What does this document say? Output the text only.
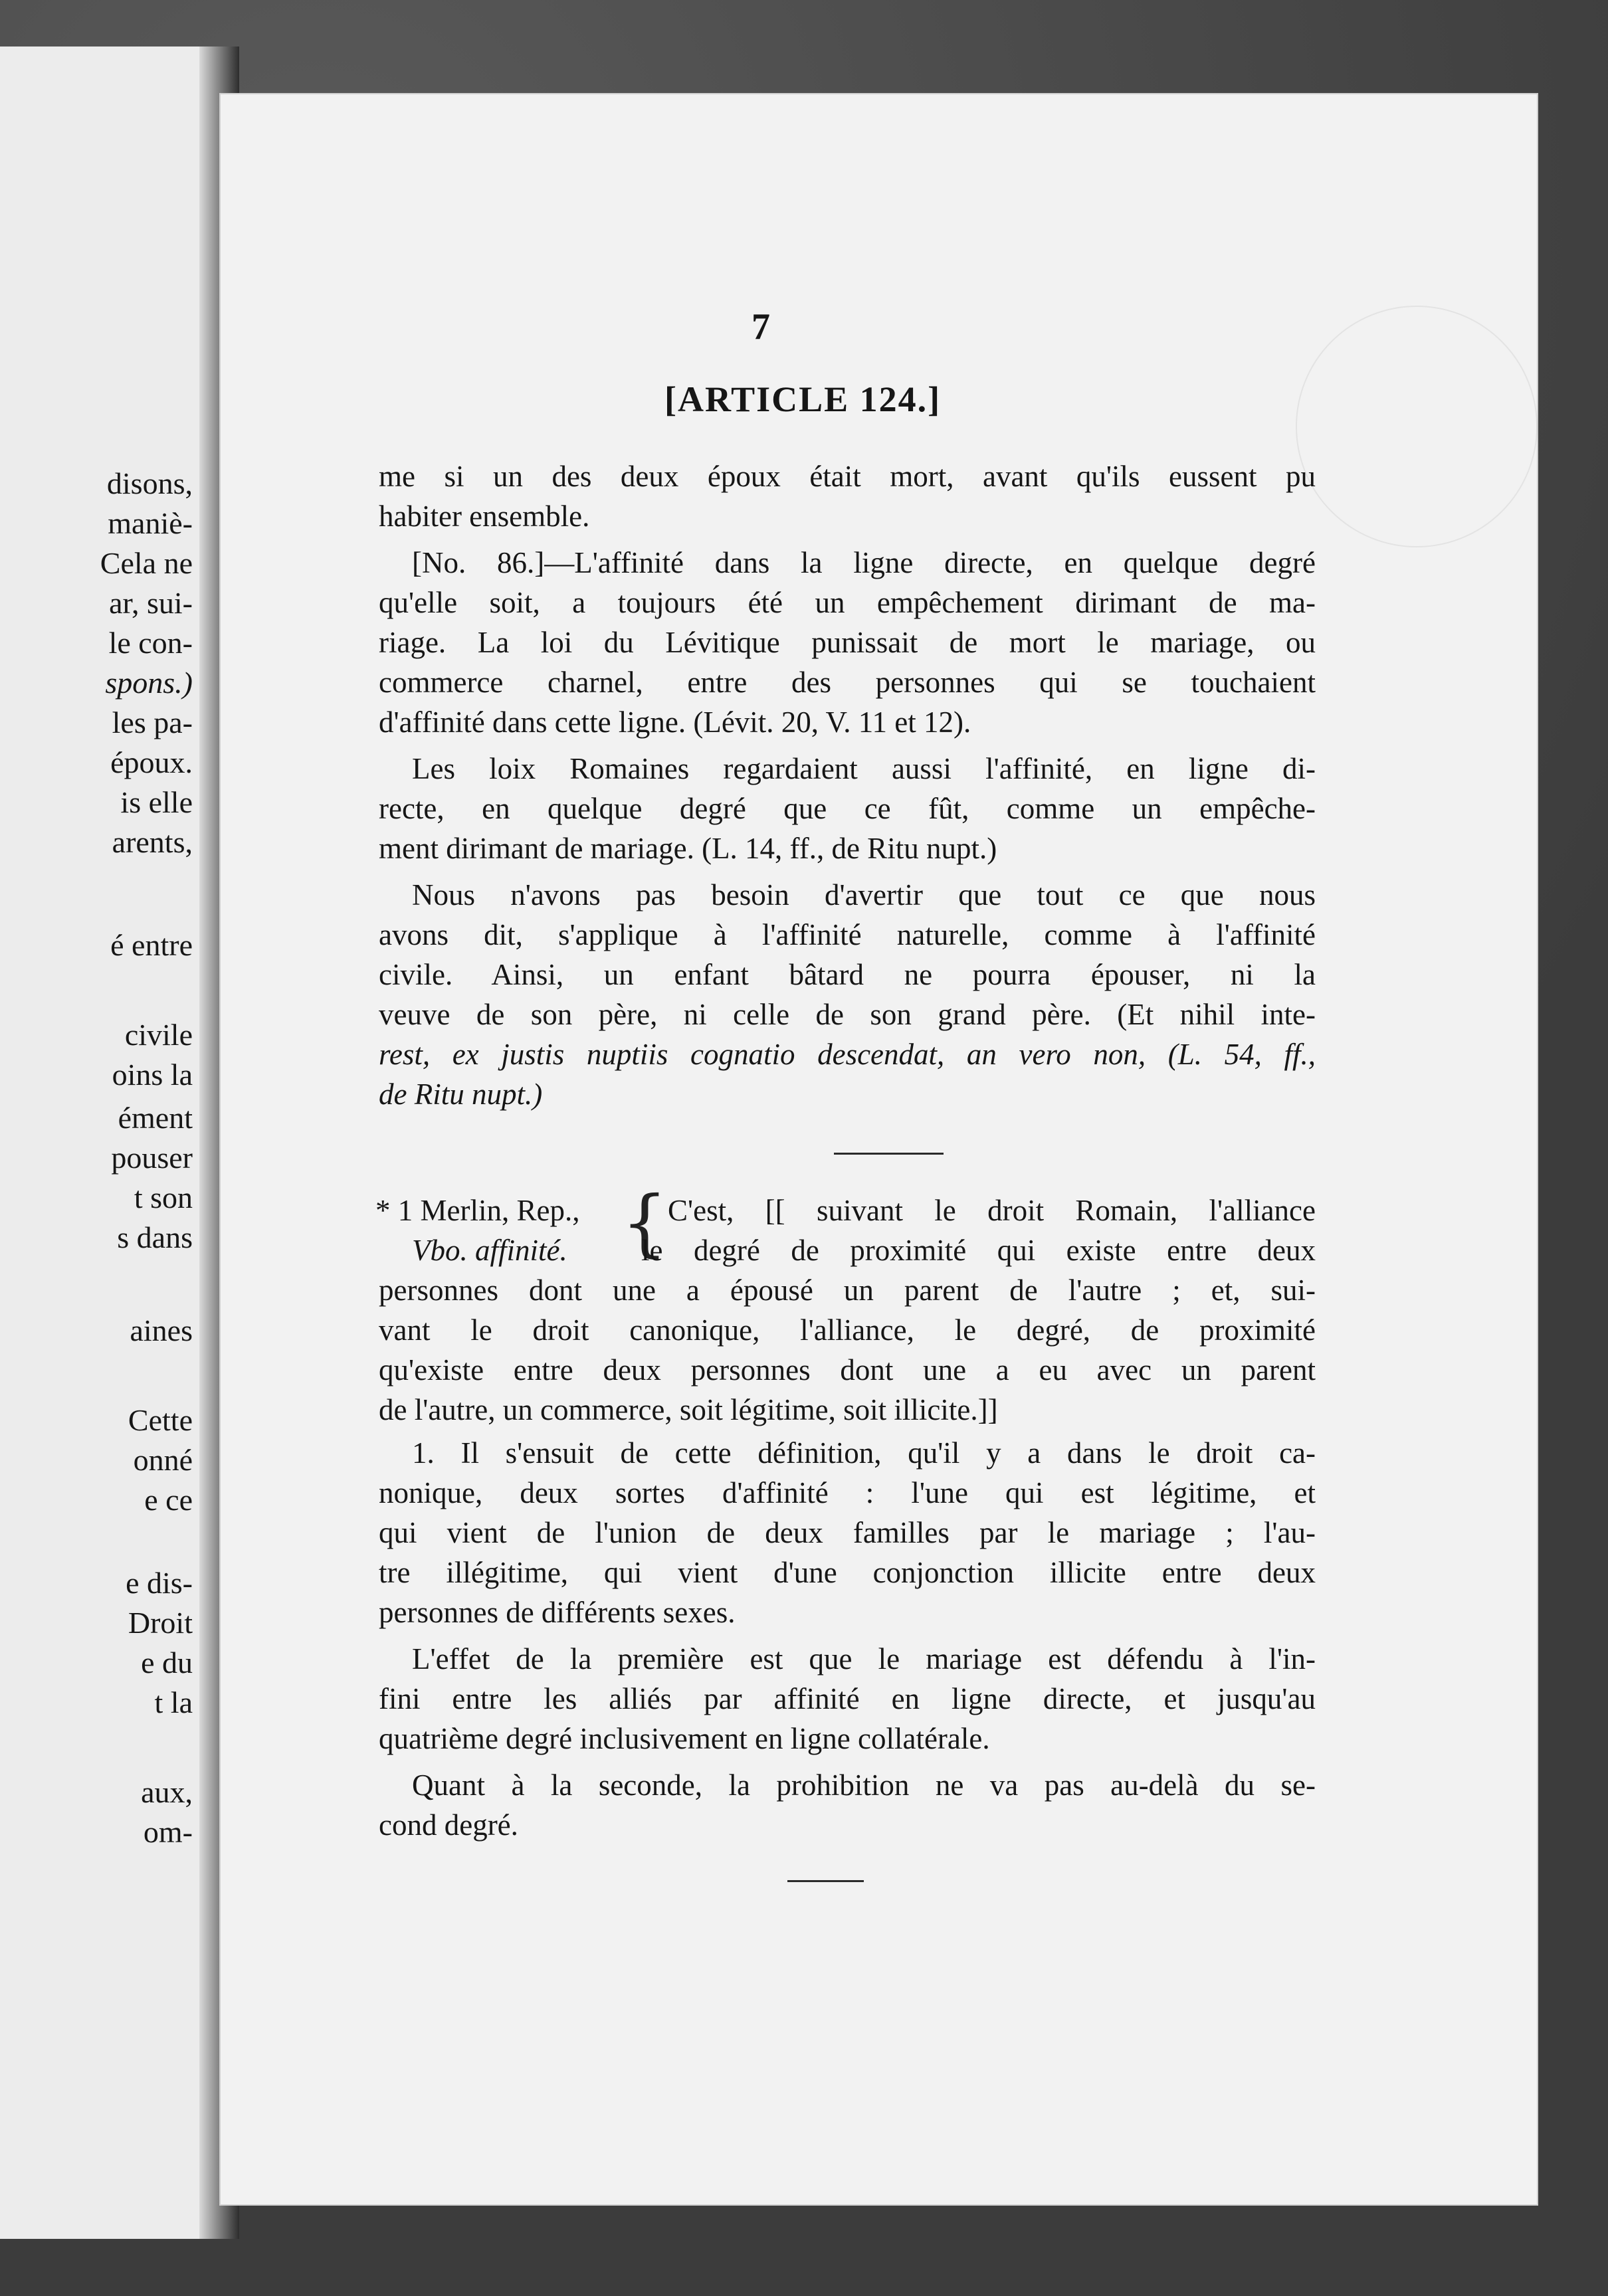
disons,
maniè-
Cela ne
ar, sui-
le con-
spons.)
les pa-
époux.
is elle
arents,
é entre
civile
oins la
ément
pouser
t son
s dans
aines
Cette
onné
e ce
e dis-
Droit
e du
t la
aux,
om-
7
[ARTICLE 124.]
me si un des deux époux était mort, avant qu'ils eussent pu
habiter ensemble.
[No. 86.]—L'affinité dans la ligne directe, en quelque degré
qu'elle soit, a toujours été un empêchement dirimant de ma-
riage. La loi du Lévitique punissait de mort le mariage, ou
commerce charnel, entre des personnes qui se touchaient
d'affinité dans cette ligne. (Lévit. 20, V. 11 et 12).
Les loix Romaines regardaient aussi l'affinité, en ligne di-
recte, en quelque degré que ce fût, comme un empêche-
ment dirimant de mariage. (L. 14, ff., de Ritu nupt.)
Nous n'avons pas besoin d'avertir que tout ce que nous
avons dit, s'applique à l'affinité naturelle, comme à l'affinité
civile. Ainsi, un enfant bâtard ne pourra épouser, ni la
veuve de son père, ni celle de son grand père. (Et nihil inte-
rest, ex justis nuptiis cognatio descendat, an vero non, (L. 54, ff.,
de Ritu nupt.)
* 1 Merlin, Rep.,
Vbo. affinité. { C'est, [[ suivant le droit Romain, l'alliance
le degré de proximité qui existe entre deux
personnes dont une a épousé un parent de l'autre ; et, sui-
vant le droit canonique, l'alliance, le degré, de proximité
qu'existe entre deux personnes dont une a eu avec un parent
de l'autre, un commerce, soit légitime, soit illicite.]]
1. Il s'ensuit de cette définition, qu'il y a dans le droit ca-
nonique, deux sortes d'affinité : l'une qui est légitime, et
qui vient de l'union de deux familles par le mariage ; l'au-
tre illégitime, qui vient d'une conjonction illicite entre deux
personnes de différents sexes.
L'effet de la première est que le mariage est défendu à l'in-
fini entre les alliés par affinité en ligne directe, et jusqu'au
quatrième degré inclusivement en ligne collatérale.
Quant à la seconde, la prohibition ne va pas au-delà du se-
cond degré.
